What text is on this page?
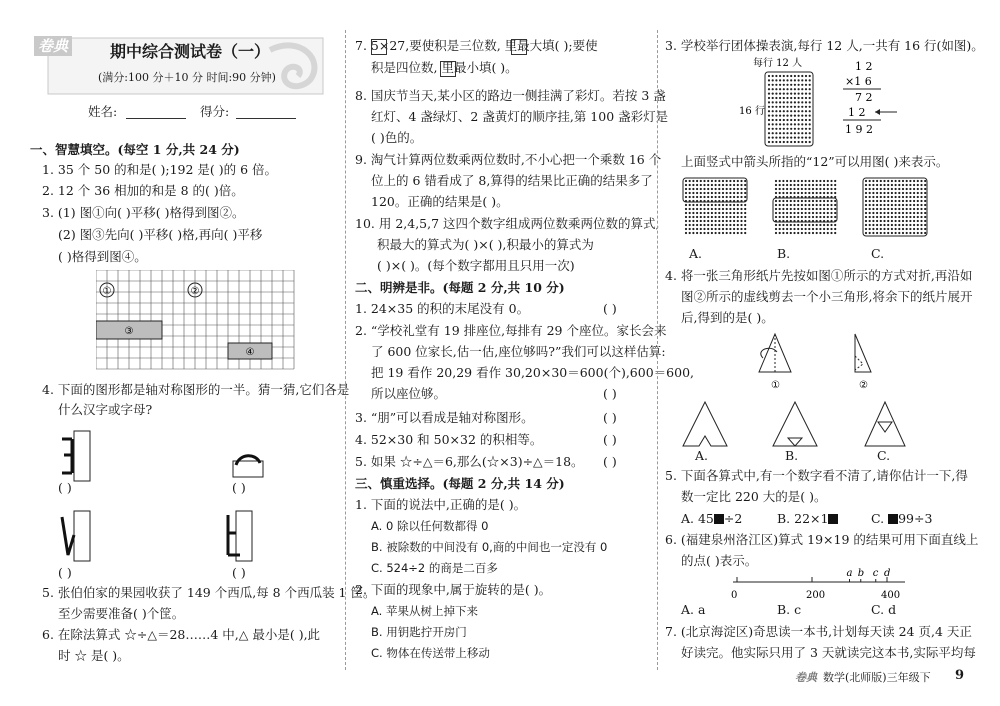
卷典	期中综合测试卷（一）
(满分:100 分＋10 分 时间:90 分钟)
姓名:	得分:
一、智慧填空。(每空 1 分,共 24 分)
1. 35 个 50 的和是( );192 是( )的 6 倍。
2. 12 个 36 相加的和是 8 的( )倍。
3. (1) 图①向( )平移( )格得到图②。
(2) 图③先向( )平移( )格,再向( )平移
( )格得到图④。
①	②
③
④
4. 下面的图形都是轴对称图形的一半。猜一猜,它们各是
什么汉字或字母?
( )	( )
( )	( )
5. 张伯伯家的果园收获了 149 个西瓜,每 8 个西瓜装 1 筐。
至少需要准备( )个筐。
6. 在除法算式 ☆÷△＝28……4 中,△ 最小是( ),此
时 ☆ 是( )。
7. 5×27,要使积是三位数, 里最大填( );要使
积是四位数, 里最小填( )。
8. 国庆节当天,某小区的路边一侧挂满了彩灯。若按 3 盏
红灯、4 盏绿灯、2 盏黄灯的顺序挂,第 100 盏彩灯是
( )色的。
9. 淘气计算两位数乘两位数时,不小心把一个乘数 16 个
位上的 6 错看成了 8,算得的结果比正确的结果多了
120。正确的结果是( )。
10. 用 2,4,5,7 这四个数字组成两位数乘两位数的算式,
积最大的算式为( )×( ),积最小的算式为
( )×( )。(每个数字都用且只用一次)
二、明辨是非。(每题 2 分,共 10 分)
1. 24×35 的积的末尾没有 0。	( )
2. “学校礼堂有 19 排座位,每排有 29 个座位。家长会来
了 600 位家长,估一估,座位够吗?”我们可以这样估算:
把 19 看作 20,29 看作 30,20×30＝600(个),600＝600,
所以座位够。	( )
3. “朋”可以看成是轴对称图形。	( )
4. 52×30 和 50×32 的积相等。	( )
5. 如果 ☆÷△＝6,那么(☆×3)÷△＝18。 ( )
三、慎重选择。(每题 2 分,共 14 分)
1. 下面的说法中,正确的是( )。
A. 0 除以任何数都得 0
B. 被除数的中间没有 0,商的中间也一定没有 0
C. 524÷2 的商是二百多
2. 下面的现象中,属于旋转的是( )。
A. 苹果从树上掉下来
B. 用钥匙拧开房门
C. 物体在传送带上移动
3. 学校举行团体操表演,每行 12 人,一共有 16 行(如图)。
每行 12 人
16 行
1 2
×1 6
7 2
1 2
1 9 2
上面竖式中箭头所指的“12”可以用图( )来表示。
A.	B.	C.
4. 将一张三角形纸片先按如图①所示的方式对折,再沿如
图②所示的虚线剪去一个小三角形,将余下的纸片展开
后,得到的是( )。
①	②
A.	B.	C.
5. 下面各算式中,有一个数字看不清了,请你估计一下,得
数一定比 220 大的是( )。
A. 45 ÷2	B. 22×1	C. 99÷3
6. (福建泉州洛江区)算式 19×19 的结果可用下面直线上
的点( )表示。
a b c d
0	200	400
A. a	B. c	C. d
7. (北京海淀区)奇思读一本书,计划每天读 24 页,4 天正
好读完。他实际只用了 3 天就读完这本书,实际平均每
卷典 数学(北师版)三年级下 9
